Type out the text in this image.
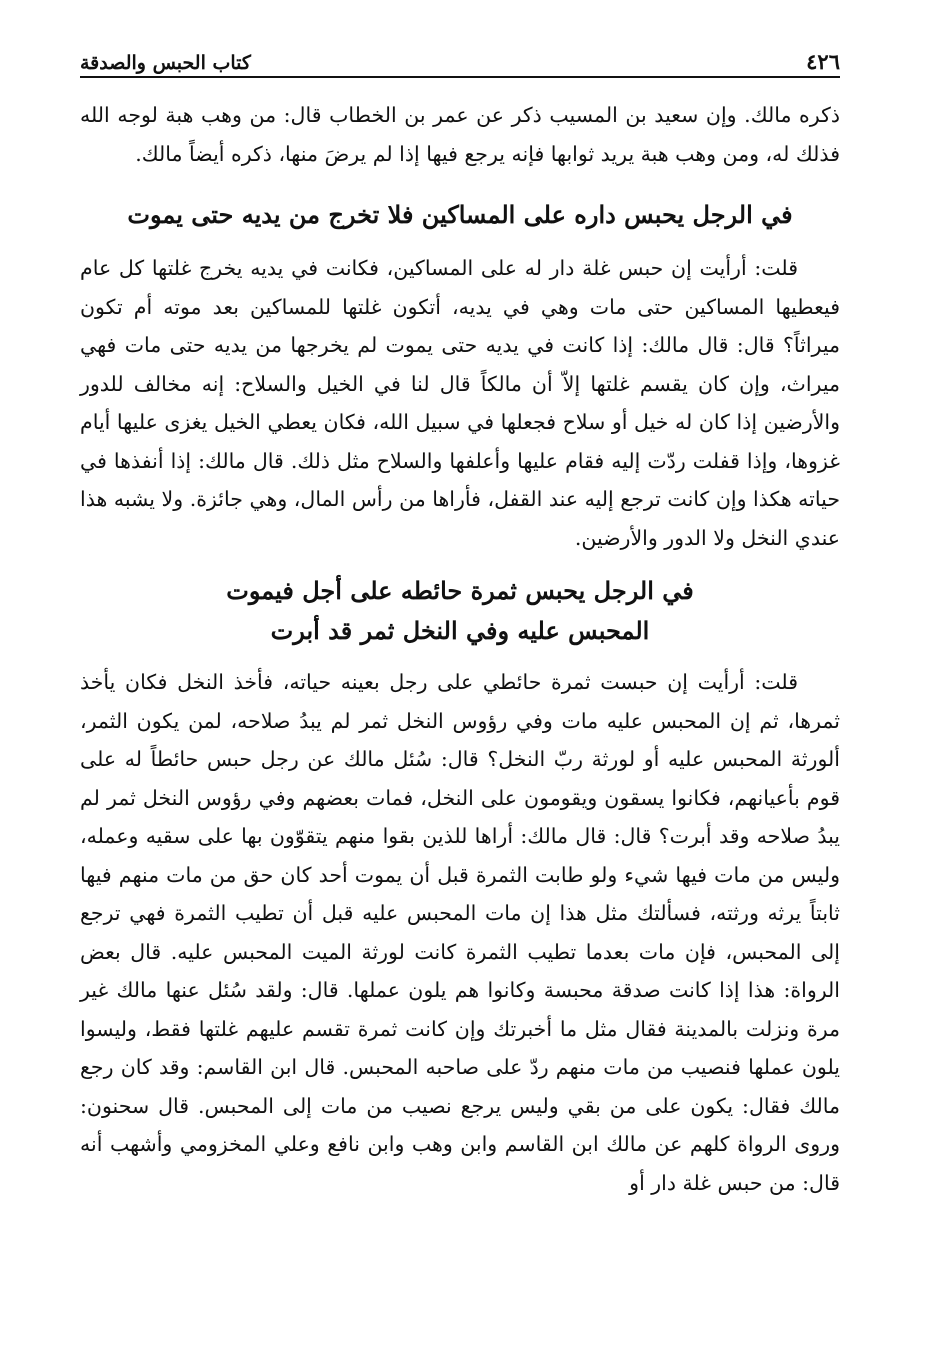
٤٢٦
كتاب الحبس والصدقة

ذكره مالك. وإن سعيد بن المسيب ذكر عن عمر بن الخطاب قال: من وهب هبة لوجه الله فذلك له، ومن وهب هبة يريد ثوابها فإنه يرجع فيها إذا لم يرضَ منها، ذكره أيضاً مالك.

في الرجل يحبس داره على المساكين فلا تخرج من يديه حتى يموت

قلت: أرأيت إن حبس غلة دار له على المساكين، فكانت في يديه يخرج غلتها كل عام فيعطيها المساكين حتى مات وهي في يديه، أتكون غلتها للمساكين بعد موته أم تكون ميراثاً؟ قال: قال مالك: إذا كانت في يديه حتى يموت لم يخرجها من يديه حتى مات فهي ميراث، وإن كان يقسم غلتها إلاّ أن مالكاً قال لنا في الخيل والسلاح: إنه مخالف للدور والأرضين إذا كان له خيل أو سلاح فجعلها في سبيل الله، فكان يعطي الخيل يغزى عليها أيام غزوها، وإذا قفلت ردّت إليه فقام عليها وأعلفها والسلاح مثل ذلك. قال مالك: إذا أنفذها في حياته هكذا وإن كانت ترجع إليه عند القفل، فأراها من رأس المال، وهي جائزة. ولا يشبه هذا عندي النخل ولا الدور والأرضين.

في الرجل يحبس ثمرة حائطه على أجل فيموت
المحبس عليه وفي النخل ثمر قد أبرت

قلت: أرأيت إن حبست ثمرة حائطي على رجل بعينه حياته، فأخذ النخل فكان يأخذ ثمرها، ثم إن المحبس عليه مات وفي رؤوس النخل ثمر لم يبدُ صلاحه، لمن يكون الثمر، ألورثة المحبس عليه أو لورثة ربّ النخل؟ قال: سُئل مالك عن رجل حبس حائطاً له على قوم بأعيانهم، فكانوا يسقون ويقومون على النخل، فمات بعضهم وفي رؤوس النخل ثمر لم يبدُ صلاحه وقد أبرت؟ قال: قال مالك: أراها للذين بقوا منهم يتقوّون بها على سقيه وعمله، وليس من مات فيها شيء ولو طابت الثمرة قبل أن يموت أحد كان حق من مات منهم فيها ثابتاً يرثه ورثته، فسألتك مثل هذا إن مات المحبس عليه قبل أن تطيب الثمرة فهي ترجع إلى المحبس، فإن مات بعدما تطيب الثمرة كانت لورثة الميت المحبس عليه. قال بعض الرواة: هذا إذا كانت صدقة محبسة وكانوا هم يلون عملها. قال: ولقد سُئل عنها مالك غير مرة ونزلت بالمدينة فقال مثل ما أخبرتك وإن كانت ثمرة تقسم عليهم غلتها فقط، وليسوا يلون عملها فنصيب من مات منهم ردّ على صاحبه المحبس. قال ابن القاسم: وقد كان رجع مالك فقال: يكون على من بقي وليس يرجع نصيب من مات إلى المحبس. قال سحنون: وروى الرواة كلهم عن مالك ابن القاسم وابن وهب وابن نافع وعلي المخزومي وأشهب أنه قال: من حبس غلة دار أو
